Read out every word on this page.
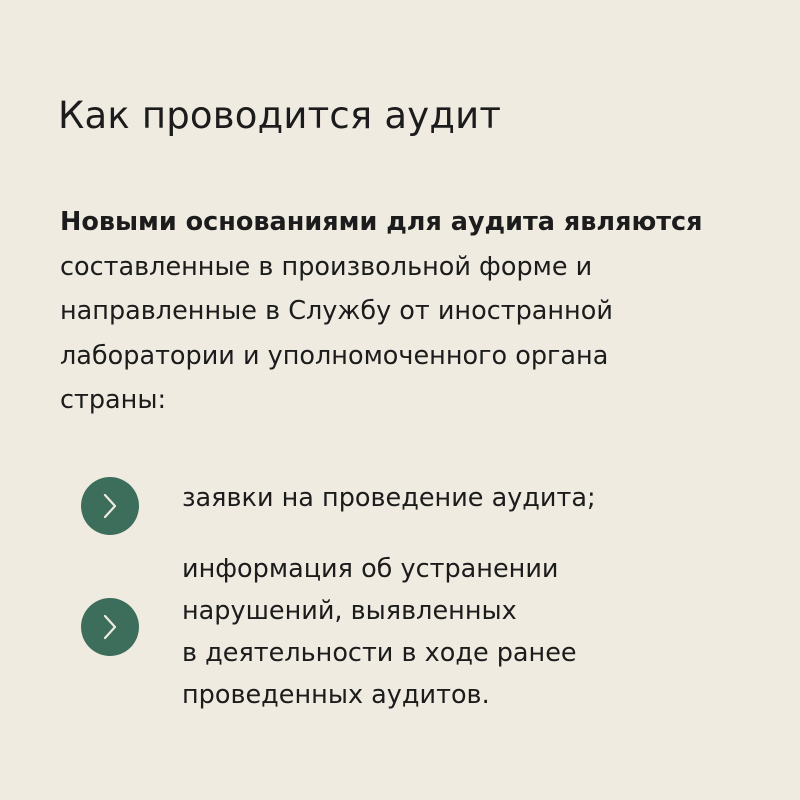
Как проводится аудит
Новыми основаниями для аудита являются
составленные в произвольной форме и
направленные в Службу от иностранной
лаборатории и уполномоченного органа
страны:
заявки на проведение аудита;
информация об устранении
нарушений, выявленных
в деятельности в ходе ранее
проведенных аудитов.
